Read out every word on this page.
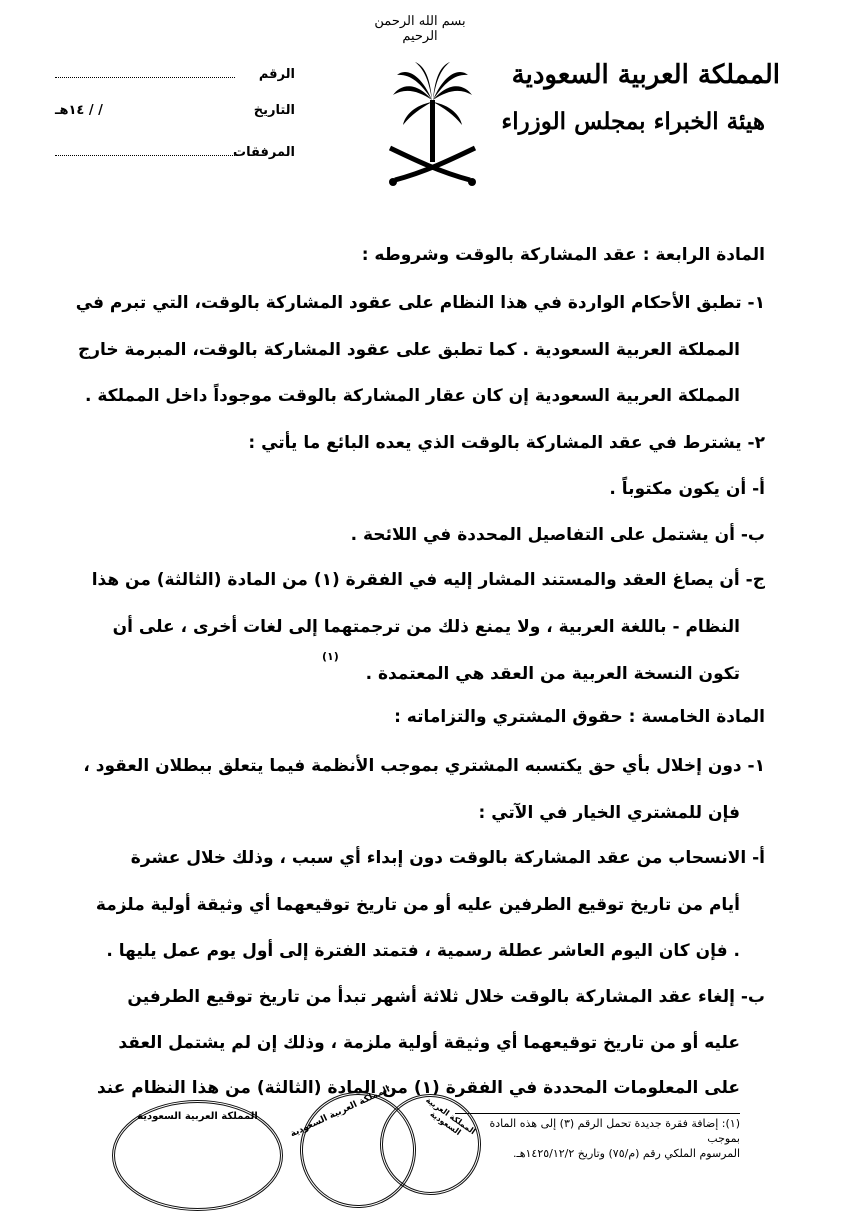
بسم الله الرحمن الرحيم
المملكة العربية السعودية
هيئة الخبراء بمجلس الوزراء
الرقم
التاريخ
/ / ١٤هـ
المرفقات
المادة الرابعة : عقد المشاركة بالوقت وشروطه :
١- تطبق الأحكام الواردة في هذا النظام على عقود المشاركة بالوقت، التي تبرم في
المملكة العربية السعودية . كما تطبق على عقود المشاركة بالوقت، المبرمة خارج
المملكة العربية السعودية إن كان عقار المشاركة بالوقت موجوداً داخل المملكة .
٢- يشترط في عقد المشاركة بالوقت الذي يعده البائع ما يأتي :
أ- أن يكون مكتوباً .
ب- أن يشتمل على التفاصيل المحددة في اللائحة .
ج- أن يصاغ العقد والمستند المشار إليه في الفقرة (١) من المادة (الثالثة) من هذا
النظام - باللغة العربية ، ولا يمنع ذلك من ترجمتهما إلى لغات أخرى ، على أن
تكون النسخة العربية من العقد هي المعتمدة .
(١)
المادة الخامسة : حقوق المشتري والتزاماته :
١- دون إخلال بأي حق يكتسبه المشتري بموجب الأنظمة فيما يتعلق ببطلان العقود ،
فإن للمشتري الخيار في الآتي :
أ- الانسحاب من عقد المشاركة بالوقت دون إبداء أي سبب ، وذلك خلال عشرة
أيام من تاريخ توقيع الطرفين عليه أو من تاريخ توقيعهما أي وثيقة أولية ملزمة
. فإن كان اليوم العاشر عطلة رسمية ، فتمتد الفترة إلى أول يوم عمل يليها .
ب- إلغاء عقد المشاركة بالوقت خلال ثلاثة أشهر تبدأ من تاريخ توقيع الطرفين
عليه أو من تاريخ توقيعهما أي وثيقة أولية ملزمة ، وذلك إن لم يشتمل العقد
على المعلومات المحددة في الفقرة (١) من المادة (الثالثة) من هذا النظام عند
(١): إضافة فقرة جديدة تحمل الرقم (٣) إلى هذه المادة بموجب
المرسوم الملكي رقم (م/٧٥) وتاريخ ١٤٢٥/١٢/٢هـ.
المملكة العربية السعودية	المملكة العربية السعودية	المملكة العربية السعودية
